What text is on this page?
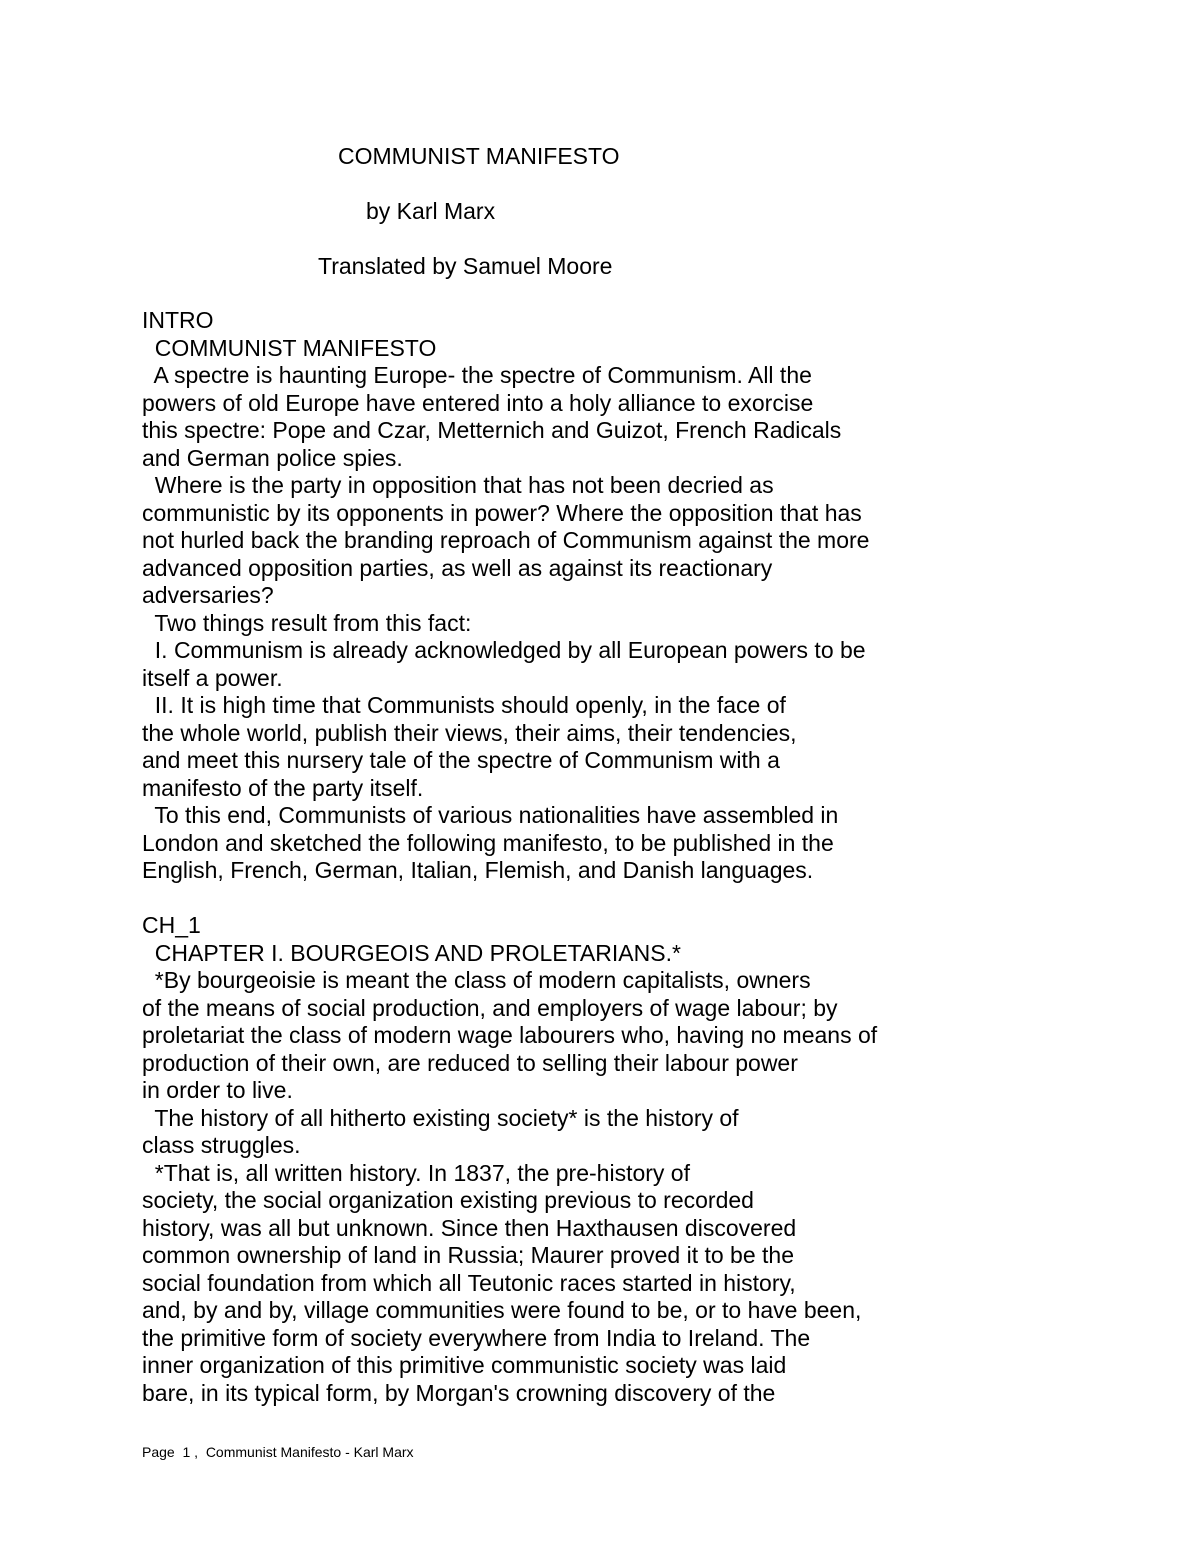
COMMUNIST MANIFESTO
by Karl Marx
Translated by Samuel Moore
INTRO
COMMUNIST MANIFESTO
A spectre is haunting Europe- the spectre of Communism. All the
powers of old Europe have entered into a holy alliance to exorcise
this spectre: Pope and Czar, Metternich and Guizot, French Radicals
and German police spies.
Where is the party in opposition that has not been decried as
communistic by its opponents in power? Where the opposition that has
not hurled back the branding reproach of Communism against the more
advanced opposition parties, as well as against its reactionary
adversaries?
Two things result from this fact:
I. Communism is already acknowledged by all European powers to be
itself a power.
II. It is high time that Communists should openly, in the face of
the whole world, publish their views, their aims, their tendencies,
and meet this nursery tale of the spectre of Communism with a
manifesto of the party itself.
To this end, Communists of various nationalities have assembled in
London and sketched the following manifesto, to be published in the
English, French, German, Italian, Flemish, and Danish languages.
CH_1
CHAPTER I. BOURGEOIS AND PROLETARIANS.*
*By bourgeoisie is meant the class of modern capitalists, owners
of the means of social production, and employers of wage labour; by
proletariat the class of modern wage labourers who, having no means of
production of their own, are reduced to selling their labour power
in order to live.
The history of all hitherto existing society* is the history of
class struggles.
*That is, all written history. In 1837, the pre-history of
society, the social organization existing previous to recorded
history, was all but unknown. Since then Haxthausen discovered
common ownership of land in Russia; Maurer proved it to be the
social foundation from which all Teutonic races started in history,
and, by and by, village communities were found to be, or to have been,
the primitive form of society everywhere from India to Ireland. The
inner organization of this primitive communistic society was laid
bare, in its typical form, by Morgan's crowning discovery of the
Page  1 ,  Communist Manifesto - Karl Marx
